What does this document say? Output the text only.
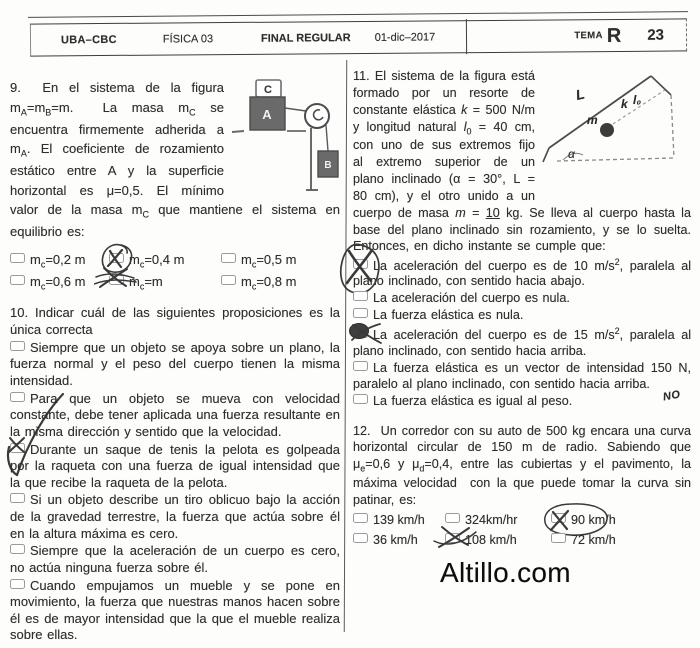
UBA–CBC	FÍSICA 03	FINAL REGULAR 01-dic–2017	TEMA R 23
C
A
B

9.  En el sistema de la figura $m_A=m_B=m$.  La masa $m_C$ se encuentra firmemente adherida a $m_A$. El coeficiente de rozamiento estático entre A y la superficie horizontal es μ=0,5. El mínimo valor de la masa $m_C$ que mantiene el sistema en equilibrio es:

$m_c=0,2$ m	$m_c=0,4$ m	$m_c=0,5$ m
$m_c=0,6$ m	$m_c=m$	$m_c=0,8$ m

10. Indicar cuál de las siguientes proposiciones es la única correcta

Siempre que un objeto se apoya sobre un plano, la fuerza normal y el peso del cuerpo tienen la misma intensidad.

Para que un objeto se mueva con velocidad constante, debe tener aplicada una fuerza resultante en la misma dirección y sentido que la velocidad.

Durante un saque de tenis la pelota es golpeada por la raqueta con una fuerza de igual intensidad que la que recibe la raqueta de la pelota.

Si un objeto describe un tiro oblicuo bajo la acción de la gravedad terrestre, la fuerza que actúa sobre él en la altura máxima es cero.

Siempre que la aceleración de un cuerpo es cero, no actúa ninguna fuerza sobre él.

Cuando empujamos un mueble y se pone en movimiento, la fuerza que nuestras manos hacen sobre él es de mayor intensidad que la que el mueble realiza sobre ellas.

L
k l₀
m
α

11. El sistema de la figura está formado por un resorte de constante elástica k = 500 N/m y longitud natural $l_0 = 40$ cm, con uno de sus extremos fijo al extremo superior de un plano inclinado (α = 30°, L = 80 cm), y el otro unido a un cuerpo de masa m = 10 kg. Se lleva al cuerpo hasta la base del plano inclinado sin rozamiento, y se lo suelta. Entonces, en dicho instante se cumple que:

La aceleración del cuerpo es de 10 $m/s^2$, paralela al plano inclinado, con sentido hacia abajo.

La aceleración del cuerpo es nula.

La fuerza elástica es nula.

La aceleración del cuerpo es de 15 $m/s^2$, paralela al plano inclinado, con sentido hacia arriba.

La fuerza elástica es un vector de intensidad 150 N, paralelo al plano inclinado, con sentido hacia arriba.

La fuerza elástica es igual al peso.

12.  Un corredor con su auto de 500 kg encara una curva horizontal circular de 150 m de radio. Sabiendo que $\mu_e=0,6$ y $\mu_d=0,4$, entre las cubiertas y el pavimento, la máxima velocidad  con la que puede tomar la curva sin patinar, es:

139 km/h	324km/hr	90 km/h
36 km/h	108 km/h	72 km/h
NO
Altillo.com
